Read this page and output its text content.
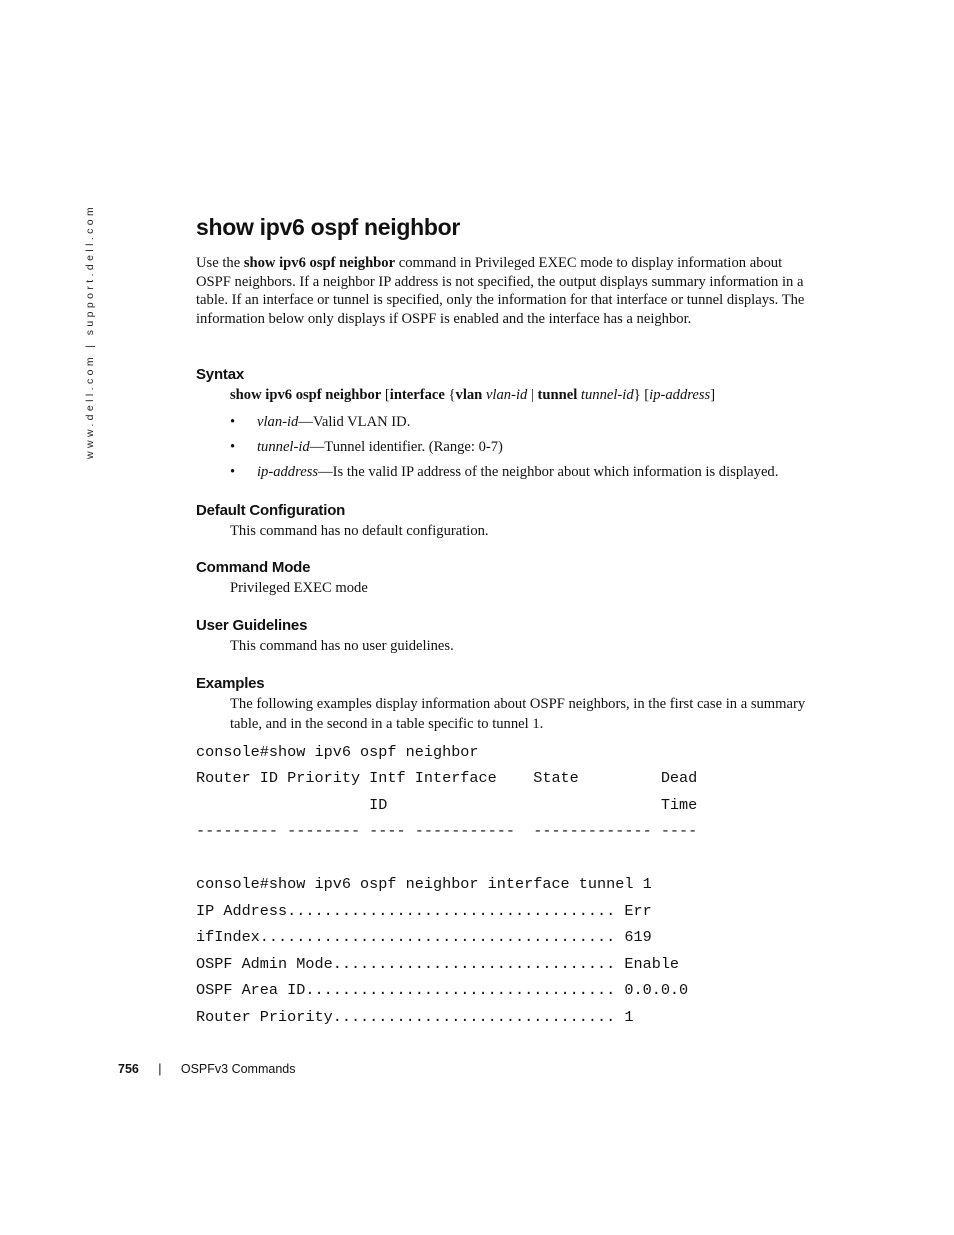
www.dell.com | support.dell.com	show ipv6 ospf neighbor

Use the show ipv6 ospf neighbor command in Privileged EXEC mode to display information about OSPF neighbors. If a neighbor IP address is not specified, the output displays summary information in a table. If an interface or tunnel is specified, only the information for that interface or tunnel displays. The information below only displays if OSPF is enabled and the interface has a neighbor.

Syntax
show ipv6 ospf neighbor [interface {vlan vlan-id | tunnel tunnel-id} [ip-address]
• vlan-id—Valid VLAN ID.
• tunnel-id—Tunnel identifier. (Range: 0-7)
• ip-address—Is the valid IP address of the neighbor about which information is displayed.
Default Configuration

This command has no default configuration.

Command Mode

Privileged EXEC mode

User Guidelines

This command has no user guidelines.

Examples

The following examples display information about OSPF neighbors, in the first case in a summary table, and in the second in a table specific to tunnel 1.

console#show ipv6 ospf neighbor
Router ID Priority Intf Interface    State         Dead
ID                              Time
--------- -------- ---- -----------  ------------- ----
console#show ipv6 ospf neighbor interface tunnel 1
IP Address.................................... Err
ifIndex....................................... 619
OSPF Admin Mode............................... Enable
OSPF Area ID.................................. 0.0.0.0
Router Priority............................... 1
756 | OSPFv3 Commands
